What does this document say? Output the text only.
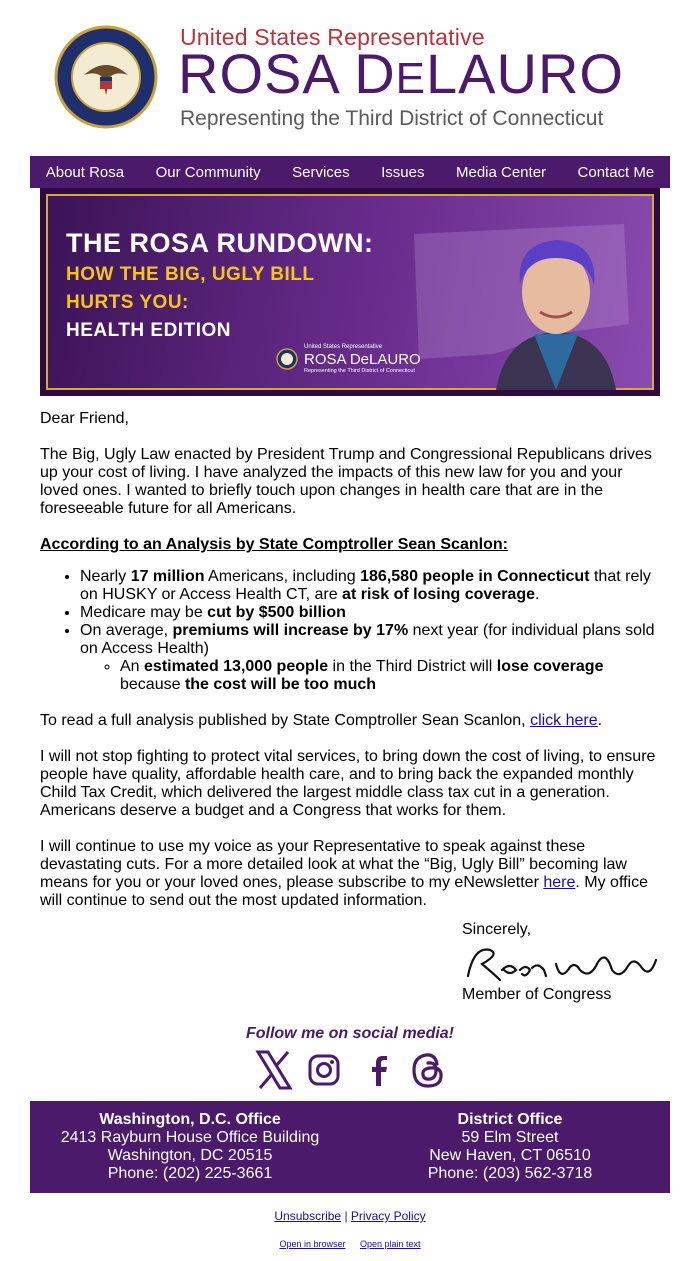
United States Representative
ROSA DELAURO
Representing the Third District of Connecticut
About Rosa Our Community Services Issues Media Center Contact Me
THE ROSA RUNDOWN:
HOW THE BIG, UGLY BILL
HURTS YOU:
HEALTH EDITION
United States Representative
ROSA DeLAURO
Representing the Third District of Connecticut

Dear Friend,

The Big, Ugly Law enacted by President Trump and Congressional Republicans drives up your cost of living. I have analyzed the impacts of this new law for you and your loved ones. I wanted to briefly touch upon changes in health care that are in the foreseeable future for all Americans.

According to an Analysis by State Comptroller Sean Scanlon:

• Nearly 17 million Americans, including 186,580 people in Connecticut that rely on HUSKY or Access Health CT, are at risk of losing coverage.
• Medicare may be cut by $500 billion
• On average, premiums will increase by 17% next year (for individual plans sold on Access Health)
◦ An estimated 13,000 people in the Third District will lose coverage
because the cost will be too much

To read a full analysis published by State Comptroller Sean Scanlon, click here.

I will not stop fighting to protect vital services, to bring down the cost of living, to ensure people have quality, affordable health care, and to bring back the expanded monthly Child Tax Credit, which delivered the largest middle class tax cut in a generation. Americans deserve a budget and a Congress that works for them.

I will continue to use my voice as your Representative to speak against these devastating cuts. For a more detailed look at what the “Big, Ugly Bill” becoming law means for you or your loved ones, please subscribe to my eNewsletter here. My office will continue to send out the most updated information.

Sincerely,
Member of Congress
Follow me on social media!
Washington, D.C. Office
2413 Rayburn House Office Building
Washington, DC 20515
Phone: (202) 225-3661
District Office
59 Elm Street
New Haven, CT 06510
Phone: (203) 562-3718
Unsubscribe | Privacy Policy
Open in browser Open plain text
